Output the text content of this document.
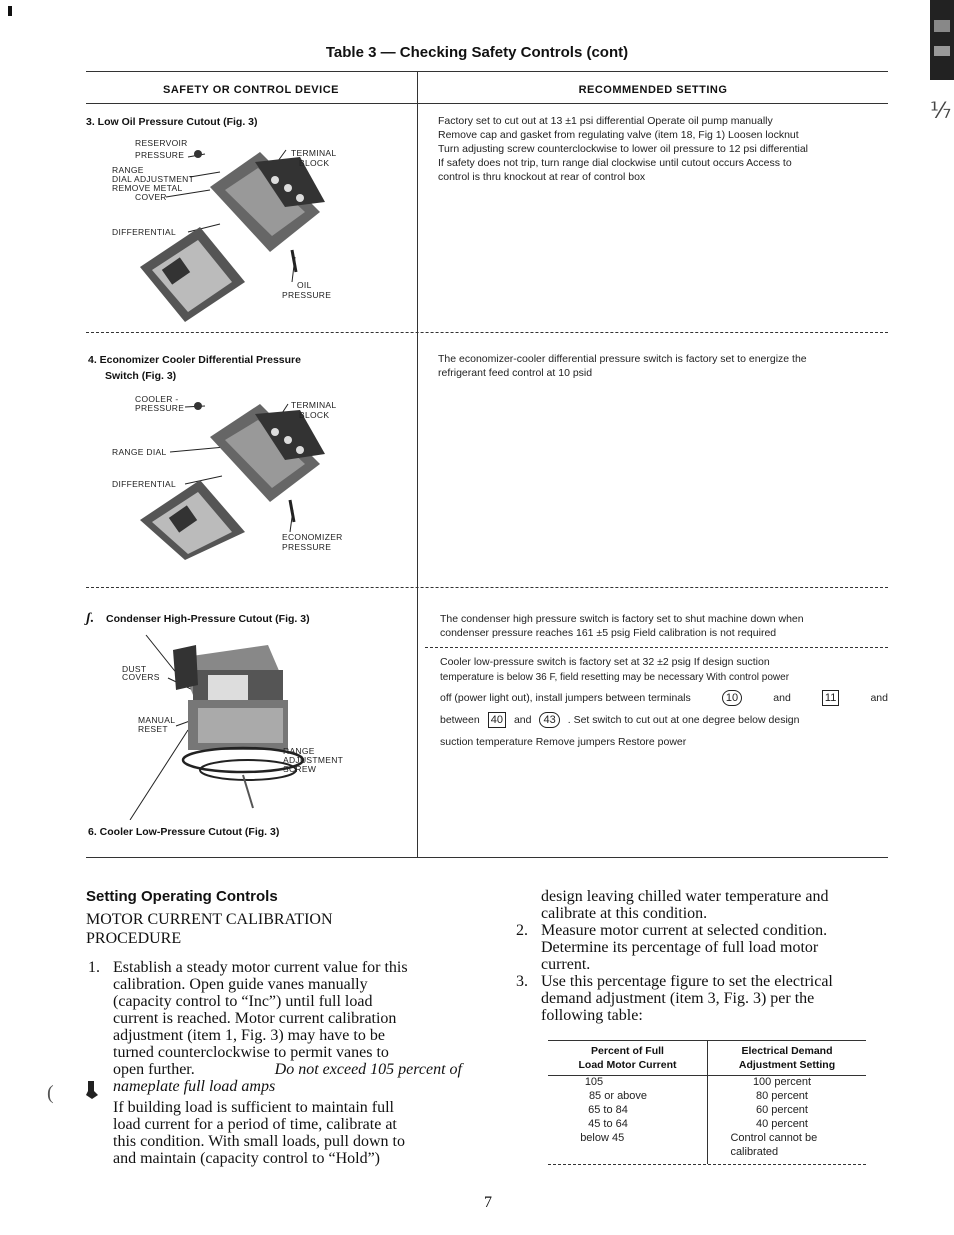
⅐
Table 3 — Checking Safety Controls (cont)
SAFETY OR CONTROL DEVICE	RECOMMENDED SETTING
3. Low Oil Pressure Cutout (Fig. 3)
RESERVOIR
PRESSURE
RANGE
DIAL ADJUSTMENT
REMOVE METAL
COVER
TERMINAL
BLOCK
DIFFERENTIAL
OIL
PRESSURE
Factory set to cut out at 13 ±1 psi differential Operate oil pump manually
Remove cap and gasket from regulating valve (item 18, Fig 1) Loosen locknut
Turn adjusting screw counterclockwise to lower oil pressure to 12 psi differential
If safety does not trip, turn range dial clockwise until cutout occurs Access to
control is thru knockout at rear of control box
4. Economizer Cooler Differential Pressure
Switch (Fig. 3)
COOLER -
PRESSURE	TERMINAL
BLOCK
RANGE DIAL
DIFFERENTIAL
ECONOMIZER
PRESSURE
The economizer-cooler differential pressure switch is factory set to energize the
refrigerant feed control at 10 psid
ʃ. Condenser High-Pressure Cutout (Fig. 3)
DUST
COVERS
MANUAL
RESET
RANGE
ADJUSTMENT
SCREW
The condenser high pressure switch is factory set to shut machine down when
condenser pressure reaches 161 ±5 psig Field calibration is not required
Cooler low-pressure switch is factory set at 32 ±2 psig If design suction
temperature is below 36 F, field resetting may be necessary With control power
off (power light out), install jumpers between terminals	10	and	11	and
between 40 and	43	. Set switch to cut out at one degree below design
suction temperature Remove jumpers Restore power
6. Cooler Low-Pressure Cutout (Fig. 3)
Setting Operating Controls
MOTOR CURRENT CALIBRATION
PROCEDURE
1. Establish a steady motor current value for this
calibration. Open guide vanes manually
(capacity control to “Inc”) until full load
current is reached. Motor current calibration
adjustment (item 1, Fig. 3) may have to be
turned counterclockwise to permit vanes to
open further.	Do not exceed 105 percent of
nameplate full load amps
If building load is sufficient to maintain full
load current for a period of time, calibrate at
this condition. With small loads, pull down to
and maintain (capacity control to “Hold”)
(
design leaving chilled water temperature and
calibrate at this condition.
2. Measure motor current at selected condition.
Determine its percentage of full load motor
current.
3. Use this percentage figure to set the electrical
demand adjustment (item 3, Fig. 3) per the
following table:
Percent of Full
Load Motor Current
Electrical Demand
Adjustment Setting
105	100 percent
85 or above	80 percent
65 to 84	60 percent
45 to 64	40 percent
below 45	Control cannot be
calibrated
7
